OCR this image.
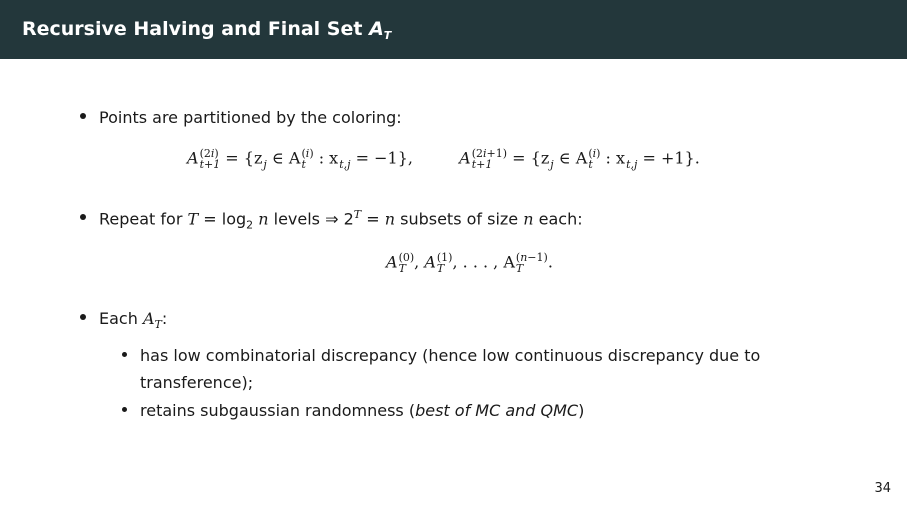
Recursive Halving and Final Set $A_T$
Points are partitioned by the coloring:
A (2i)
t+1 = {z
j ∈ A (i)
t : x
t,j = −1},	A (2i+1)
t+1	= {z
j ∈ A (i)
t : x
t,j = +1}.
Repeat for $T = \log_2 n$ levels ⇒ $2^T = n$ subsets of size n each:
A (0)
T , A (1)
T , . . . , A (n−1)
T	.
Each $A_T$:
has low combinatorial discrepancy (hence low continuous discrepancy due to
transference);
retains subgaussian randomness (best of MC and QMC)
34
